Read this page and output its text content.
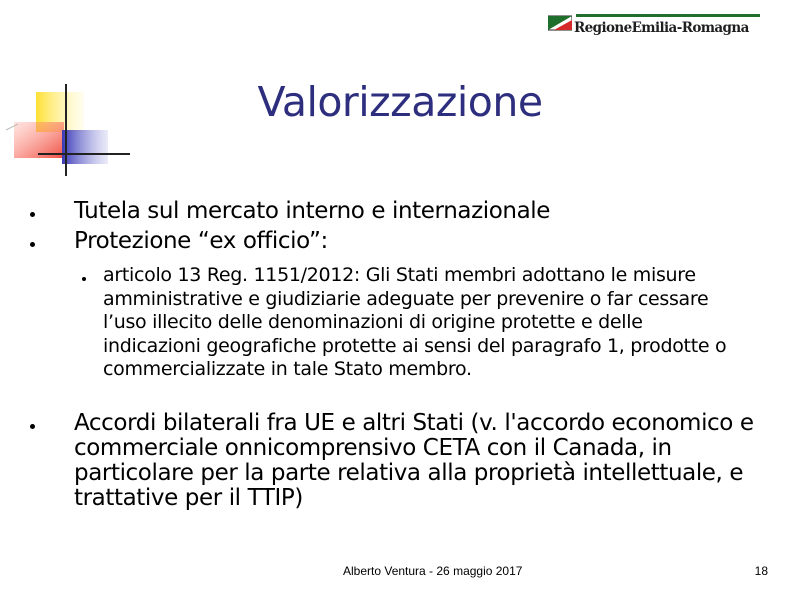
RegioneEmilia-Romagna
Valorizzazione
Tutela sul mercato interno e internazionale
Protezione “ex officio”:

articolo 13 Reg. 1151/2012: Gli Stati membri adottano le misure amministrative e giudiziarie adeguate per prevenire o far cessare l’uso illecito delle denominazioni di origine protette e delle indicazioni geografiche protette ai sensi del paragrafo 1, prodotte o commercializzate in tale Stato membro.

Accordi bilaterali fra UE e altri Stati (v. l'accordo economico e commerciale onnicomprensivo CETA con il Canada, in particolare per la parte relativa alla proprietà intellettuale, e trattative per il TTIP)
Alberto Ventura - 26 maggio 2017	18
